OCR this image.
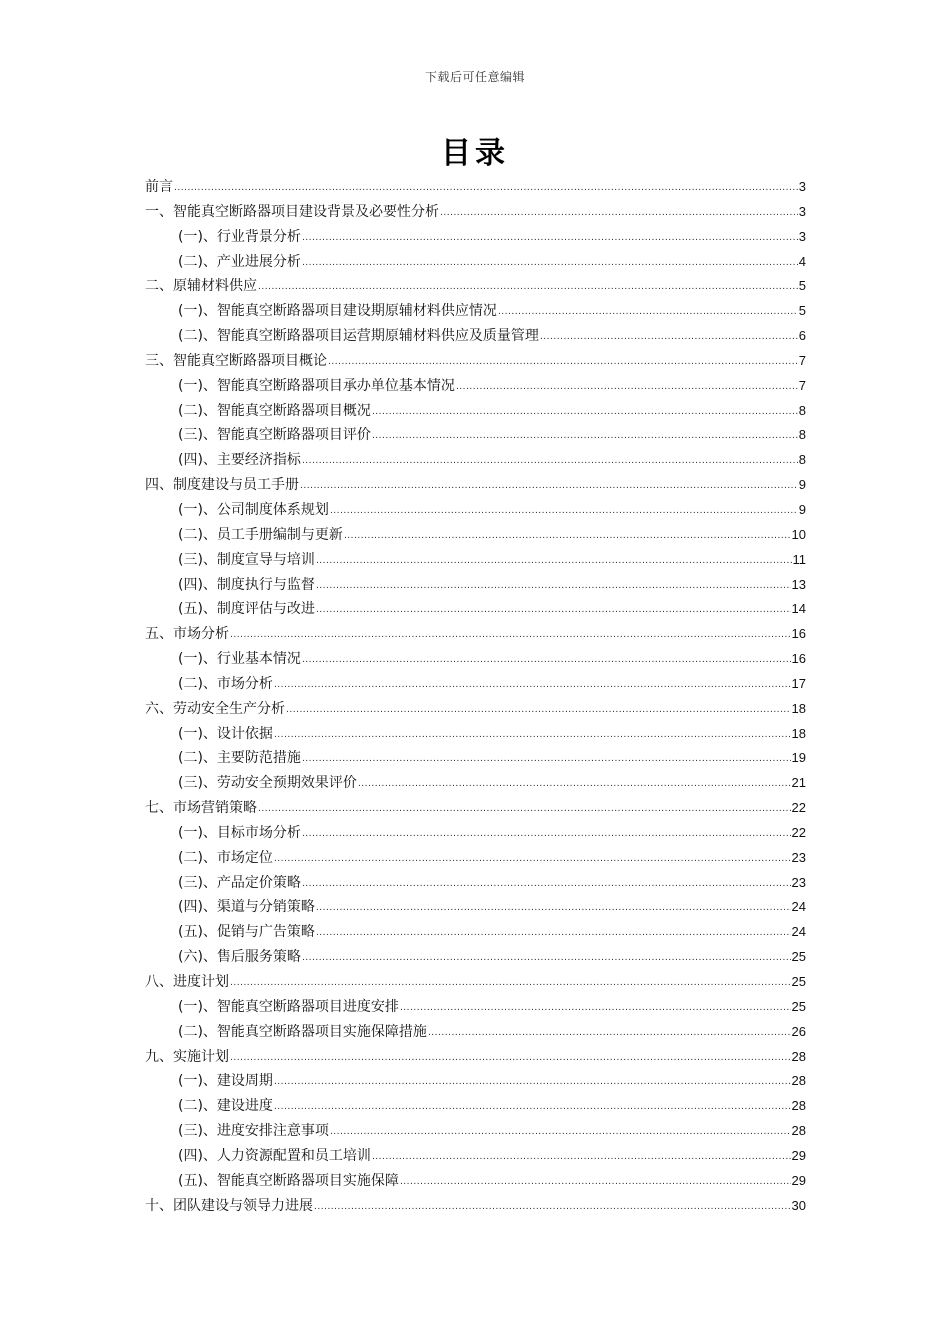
下载后可任意编辑
目录
前言 .....	3
一、智能真空断路器项目建设背景及必要性分析 .....	3
(一)、行业背景分析 .....	3
(二)、产业进展分析 .....	4
二、原辅材料供应 .....	5
(一)、智能真空断路器项目建设期原辅材料供应情况 .....	5
(二)、智能真空断路器项目运营期原辅材料供应及质量管理 .....	6
三、智能真空断路器项目概论 .....	7
(一)、智能真空断路器项目承办单位基本情况 .....	7
(二)、智能真空断路器项目概况 .....	8
(三)、智能真空断路器项目评价 .....	8
(四)、主要经济指标 .....	8
四、制度建设与员工手册 .....	9
(一)、公司制度体系规划 .....	9
(二)、员工手册编制与更新 .....	10
(三)、制度宣导与培训 .....	11
(四)、制度执行与监督 .....	13
(五)、制度评估与改进 .....	14
五、市场分析 .....	16
(一)、行业基本情况 .....	16
(二)、市场分析 .....	17
六、劳动安全生产分析 .....	18
(一)、设计依据 .....	18
(二)、主要防范措施 .....	19
(三)、劳动安全预期效果评价 .....	21
七、市场营销策略 .....	22
(一)、目标市场分析 .....	22
(二)、市场定位 .....	23
(三)、产品定价策略 .....	23
(四)、渠道与分销策略 .....	24
(五)、促销与广告策略 .....	24
(六)、售后服务策略 .....	25
八、进度计划 .....	25
(一)、智能真空断路器项目进度安排 .....	25
(二)、智能真空断路器项目实施保障措施 .....	26
九、实施计划 .....	28
(一)、建设周期 .....	28
(二)、建设进度 .....	28
(三)、进度安排注意事项 .....	28
(四)、人力资源配置和员工培训 .....	29
(五)、智能真空断路器项目实施保障 .....	29
十、团队建设与领导力进展 .....	30
